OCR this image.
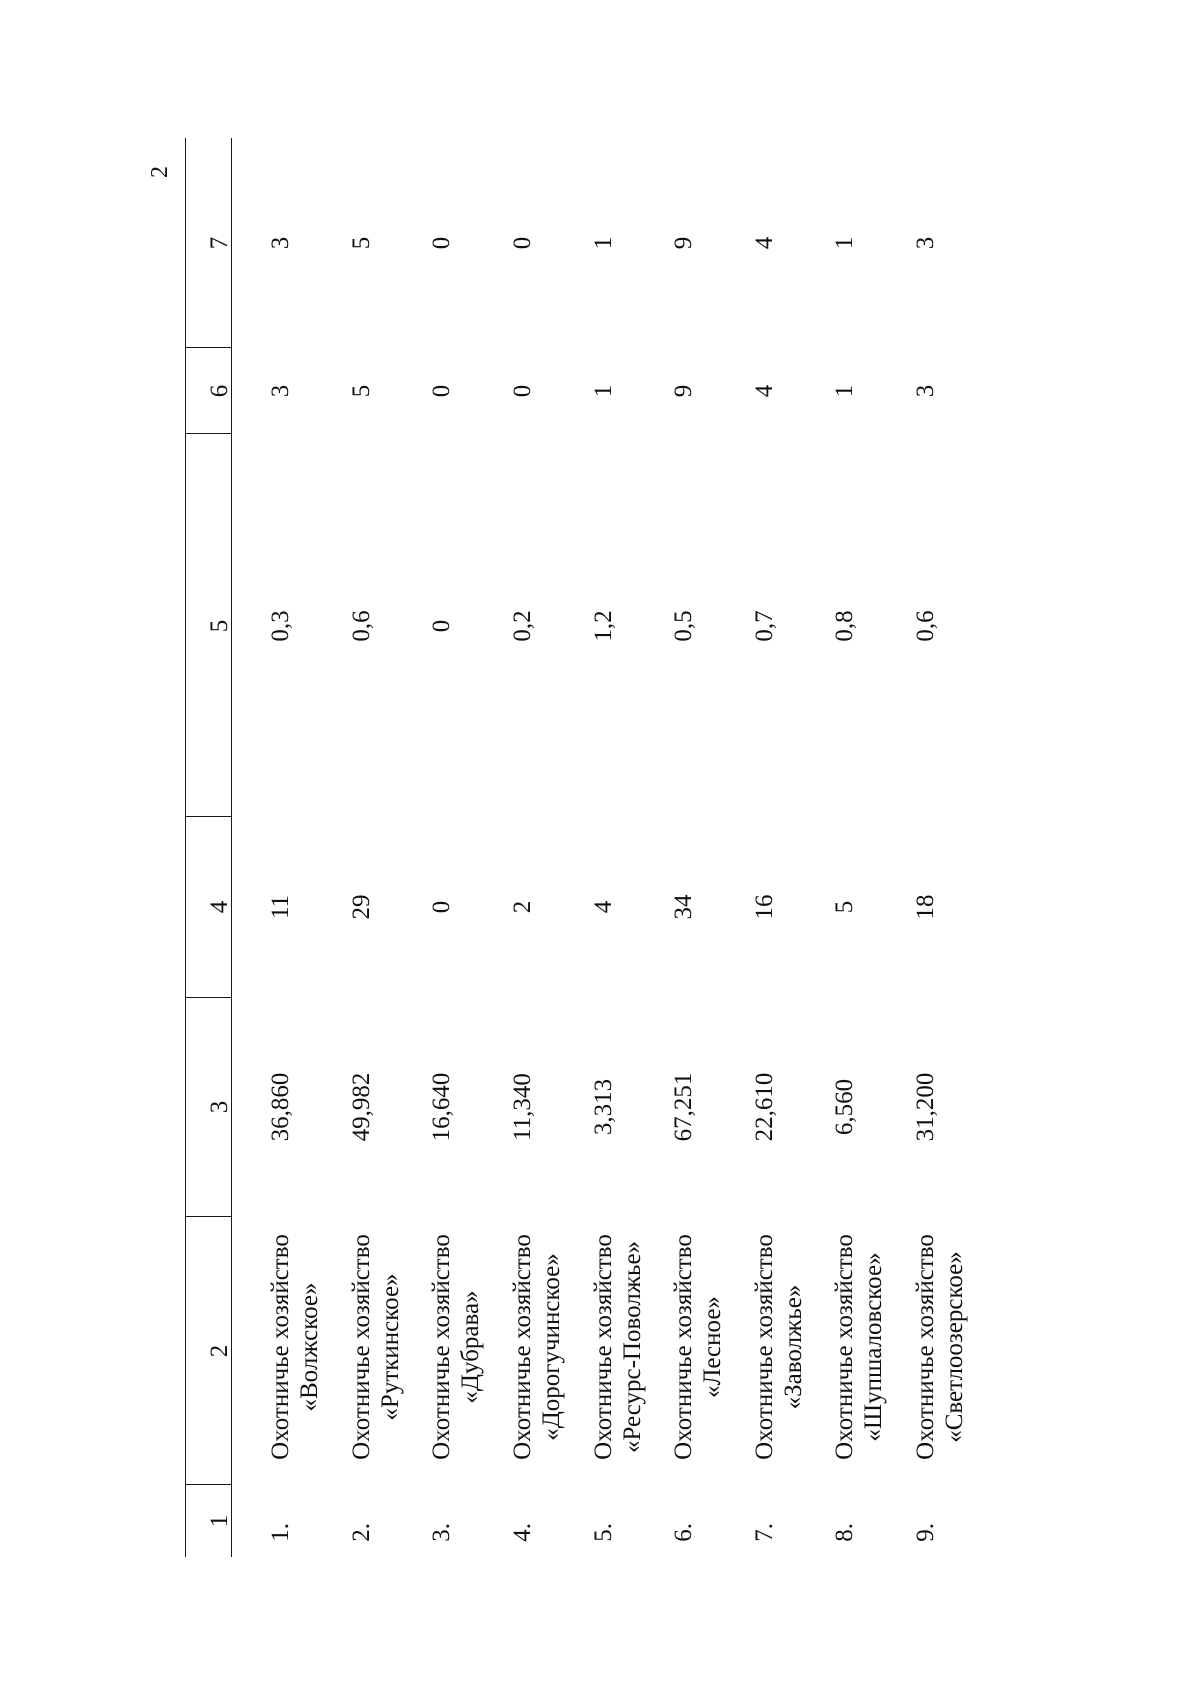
2
1
2
3
4
5
6
7
1.
Охотничье хозяйство «Волжское»
36,860
11
0,3
3
3
2.
Охотничье хозяйство «Руткинское»
49,982
29
0,6
5
5
3.
Охотничье хозяйство «Дубрава»
16,640
0
0
0
0
4.
Охотничье хозяйство «Дорогучинское»
11,340
2
0,2
0
0
5.
Охотничье хозяйство «Ресурс-Поволжье»
3,313
4
1,2
1
1
6.
Охотничье хозяйство «Лесное»
67,251
34
0,5
9
9
7.
Охотничье хозяйство «Заволжье»
22,610
16
0,7
4
4
8.
Охотничье хозяйство «Шупшаловское»
6,560
5
0,8
1
1
9.
Охотничье хозяйство «Светлоозерское»
31,200
18
0,6
3
3
